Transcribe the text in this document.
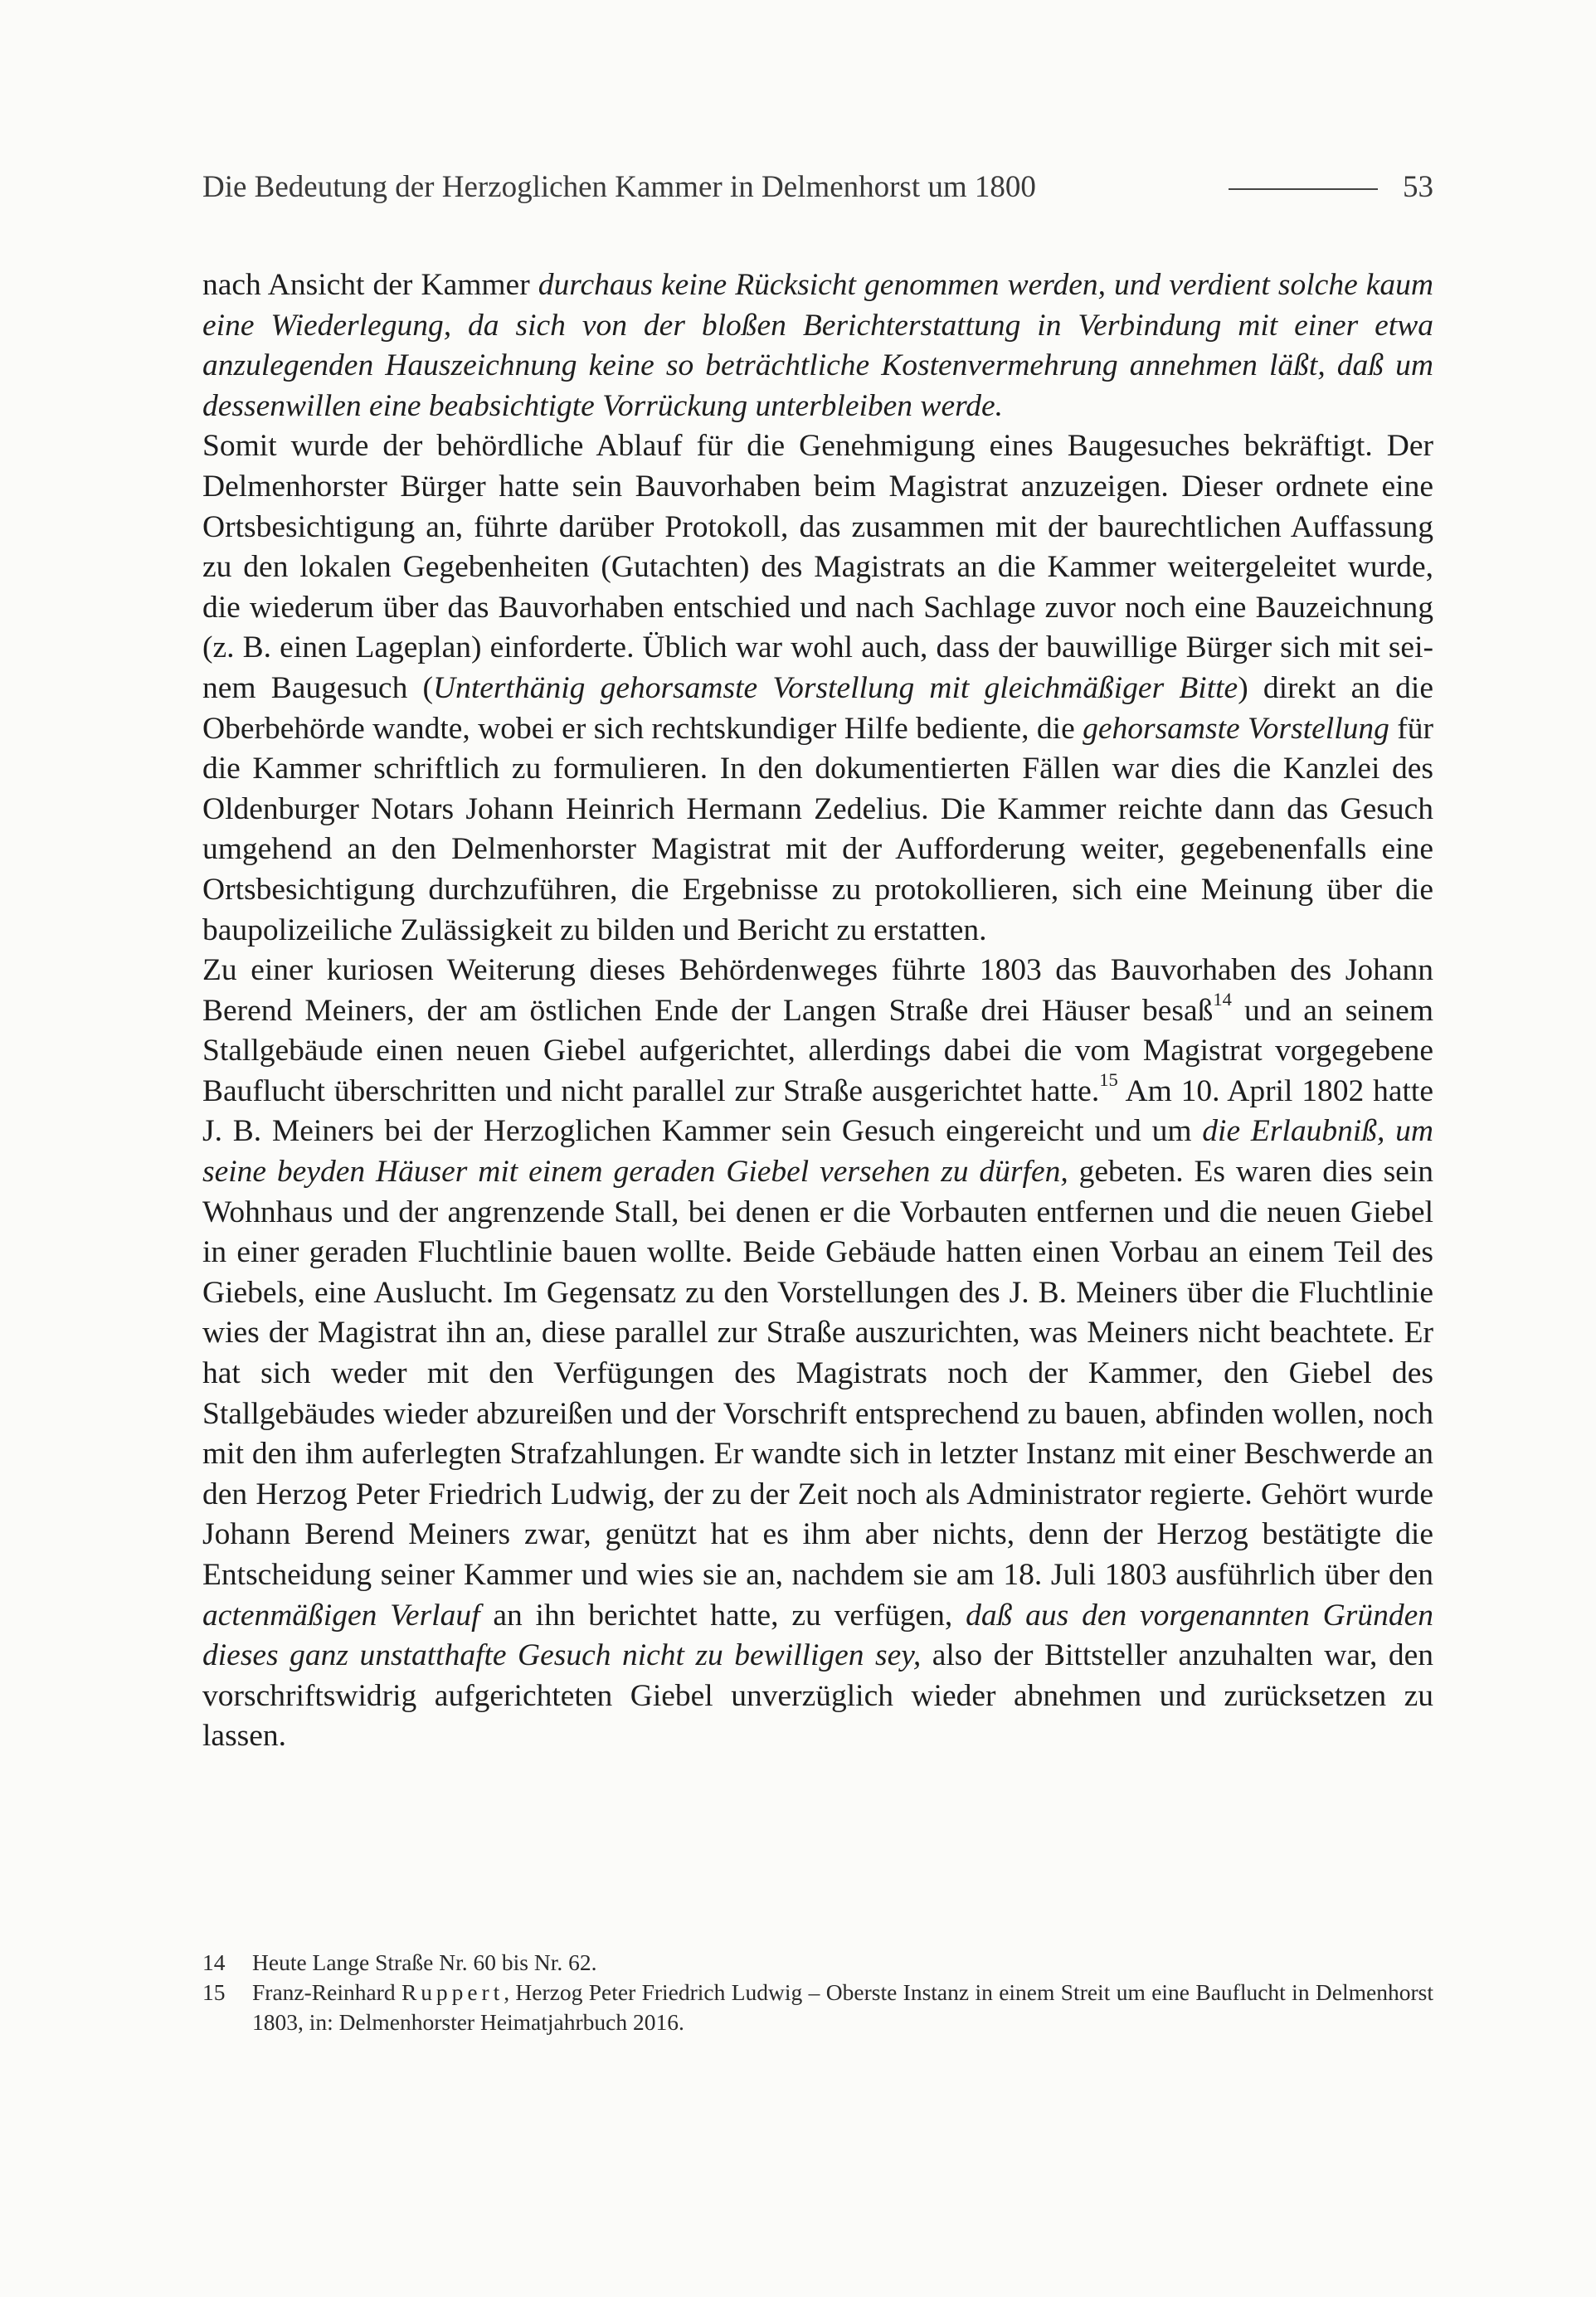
Die Bedeutung der Herzoglichen Kammer in Delmenhorst um 1800	53

nach Ansicht der Kammer durchaus keine Rücksicht genommen werden, und verdient solche kaum eine Wiederlegung, da sich von der bloßen Berichterstattung in Verbindung mit einer etwa anzulegenden Hauszeichnung keine so beträchtliche Kostenvermehrung annehmen läßt, daß um dessenwillen eine beabsichtigte Vorrückung unterbleiben werde.

Somit wurde der behördliche Ablauf für die Genehmigung eines Baugesuches bekräftigt. Der Delmenhorster Bürger hatte sein Bauvorhaben beim Magistrat anzuzeigen. Dieser ordnete eine Ortsbesichtigung an, führte darüber Protokoll, das zusammen mit der baurechtlichen Auffassung zu den lokalen Gegebenheiten (Gutachten) des Magistrats an die Kammer weitergeleitet wurde, die wiederum über das Bauvorhaben entschied und nach Sachlage zuvor noch eine Bauzeichnung (z. B. einen Lageplan) einforderte. Üblich war wohl auch, dass der bauwillige Bürger sich mit seinem Baugesuch (Unterthänig gehorsamste Vorstellung mit gleichmäßiger Bitte) direkt an die Oberbehörde wandte, wobei er sich rechtskundiger Hilfe bediente, die gehorsamste Vorstellung für die Kammer schriftlich zu formulieren. In den dokumentierten Fällen war dies die Kanzlei des Oldenburger Notars Johann Heinrich Hermann Zedelius. Die Kammer reichte dann das Gesuch umgehend an den Delmenhorster Magistrat mit der Aufforderung weiter, gegebenenfalls eine Ortsbesichtigung durchzuführen, die Ergebnisse zu protokollieren, sich eine Meinung über die baupolizeiliche Zulässigkeit zu bilden und Bericht zu erstatten.

Zu einer kuriosen Weiterung dieses Behördenweges führte 1803 das Bauvorhaben des Johann Berend Meiners, der am östlichen Ende der Langen Straße drei Häuser besaß$^{14}$ und an seinem Stallgebäude einen neuen Giebel aufgerichtet, allerdings dabei die vom Magistrat vorgegebene Bauflucht überschritten und nicht parallel zur Straße ausgerichtet hatte.$^{15}$ Am 10. April 1802 hatte J. B. Meiners bei der Herzoglichen Kammer sein Gesuch eingereicht und um die Erlaubniß, um seine beyden Häuser mit einem geraden Giebel versehen zu dürfen, gebeten. Es waren dies sein Wohnhaus und der angrenzende Stall, bei denen er die Vorbauten entfernen und die neuen Giebel in einer geraden Fluchtlinie bauen wollte. Beide Gebäude hatten einen Vorbau an einem Teil des Giebels, eine Auslucht. Im Gegensatz zu den Vorstellungen des J. B. Meiners über die Fluchtlinie wies der Magistrat ihn an, diese parallel zur Straße auszurichten, was Meiners nicht beachtete. Er hat sich weder mit den Verfügungen des Magistrats noch der Kammer, den Giebel des Stallgebäudes wieder abzureißen und der Vorschrift entsprechend zu bauen, abfinden wollen, noch mit den ihm auferlegten Strafzahlungen. Er wandte sich in letzter Instanz mit einer Beschwerde an den Herzog Peter Friedrich Ludwig, der zu der Zeit noch als Administrator regierte. Gehört wurde Johann Berend Meiners zwar, genützt hat es ihm aber nichts, denn der Herzog bestätigte die Entscheidung seiner Kammer und wies sie an, nachdem sie am 18. Juli 1803 ausführlich über den actenmäßigen Verlauf an ihn berichtet hatte, zu verfügen, daß aus den vorgenannten Gründen dieses ganz unstatthafte Gesuch nicht zu bewilligen sey, also der Bittsteller anzuhalten war, den vorschriftswidrig aufgerichteten Giebel unverzüglich wieder abnehmen und zurücksetzen zu lassen.

14	Heute Lange Straße Nr. 60 bis Nr. 62.

15	Franz-Reinhard Ruppert, Herzog Peter Friedrich Ludwig – Oberste Instanz in einem Streit um eine Bauflucht in Delmenhorst 1803, in: Delmenhorster Heimatjahrbuch 2016.
